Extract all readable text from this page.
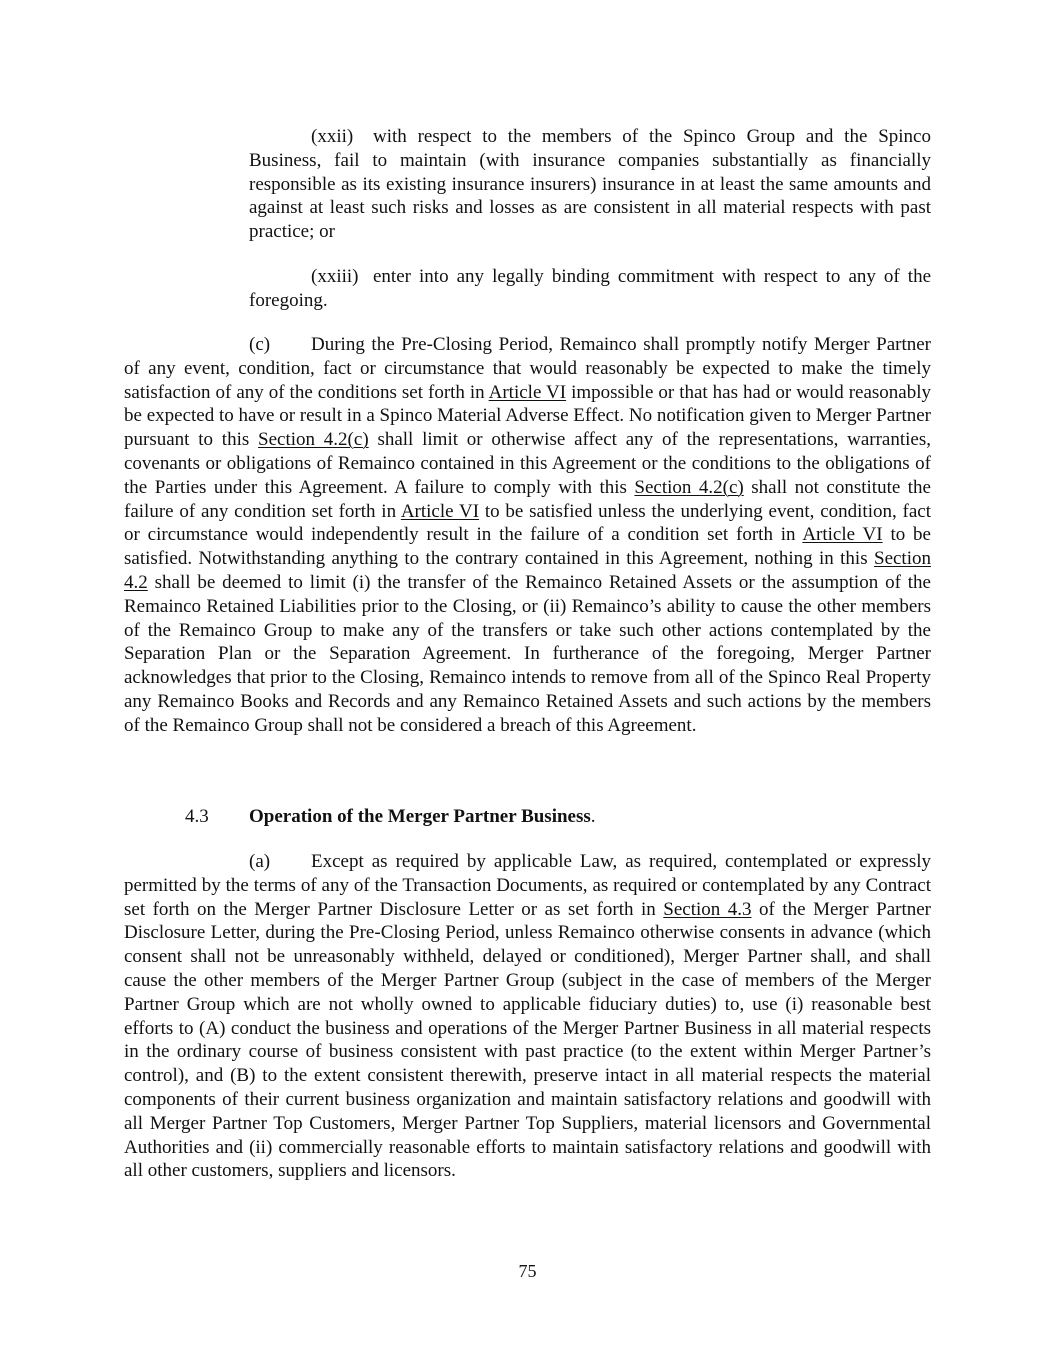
(xxii) with respect to the members of the Spinco Group and the Spinco Business, fail to maintain (with insurance companies substantially as financially responsible as its existing insurance insurers) insurance in at least the same amounts and against at least such risks and losses as are consistent in all material respects with past practice; or

(xxiii) enter into any legally binding commitment with respect to any of the foregoing.

(c) During the Pre-Closing Period, Remainco shall promptly notify Merger Partner of any event, condition, fact or circumstance that would reasonably be expected to make the timely satisfaction of any of the conditions set forth in Article VI impossible or that has had or would reasonably be expected to have or result in a Spinco Material Adverse Effect. No notification given to Merger Partner pursuant to this Section 4.2(c) shall limit or otherwise affect any of the representations, warranties, covenants or obligations of Remainco contained in this Agreement or the conditions to the obligations of the Parties under this Agreement. A failure to comply with this Section 4.2(c) shall not constitute the failure of any condition set forth in Article VI to be satisfied unless the underlying event, condition, fact or circumstance would independently result in the failure of a condition set forth in Article VI to be satisfied. Notwithstanding anything to the contrary contained in this Agreement, nothing in this Section 4.2 shall be deemed to limit (i) the transfer of the Remainco Retained Assets or the assumption of the Remainco Retained Liabilities prior to the Closing, or (ii) Remainco’s ability to cause the other members of the Remainco Group to make any of the transfers or take such other actions contemplated by the Separation Plan or the Separation Agreement. In furtherance of the foregoing, Merger Partner acknowledges that prior to the Closing, Remainco intends to remove from all of the Spinco Real Property any Remainco Books and Records and any Remainco Retained Assets and such actions by the members of the Remainco Group shall not be considered a breach of this Agreement.

4.3 Operation of the Merger Partner Business.

(a) Except as required by applicable Law, as required, contemplated or expressly permitted by the terms of any of the Transaction Documents, as required or contemplated by any Contract set forth on the Merger Partner Disclosure Letter or as set forth in Section 4.3 of the Merger Partner Disclosure Letter, during the Pre-Closing Period, unless Remainco otherwise consents in advance (which consent shall not be unreasonably withheld, delayed or conditioned), Merger Partner shall, and shall cause the other members of the Merger Partner Group (subject in the case of members of the Merger Partner Group which are not wholly owned to applicable fiduciary duties) to, use (i) reasonable best efforts to (A) conduct the business and operations of the Merger Partner Business in all material respects in the ordinary course of business consistent with past practice (to the extent within Merger Partner’s control), and (B) to the extent consistent therewith, preserve intact in all material respects the material components of their current business organization and maintain satisfactory relations and goodwill with all Merger Partner Top Customers, Merger Partner Top Suppliers, material licensors and Governmental Authorities and (ii) commercially reasonable efforts to maintain satisfactory relations and goodwill with all other customers, suppliers and licensors.

75
